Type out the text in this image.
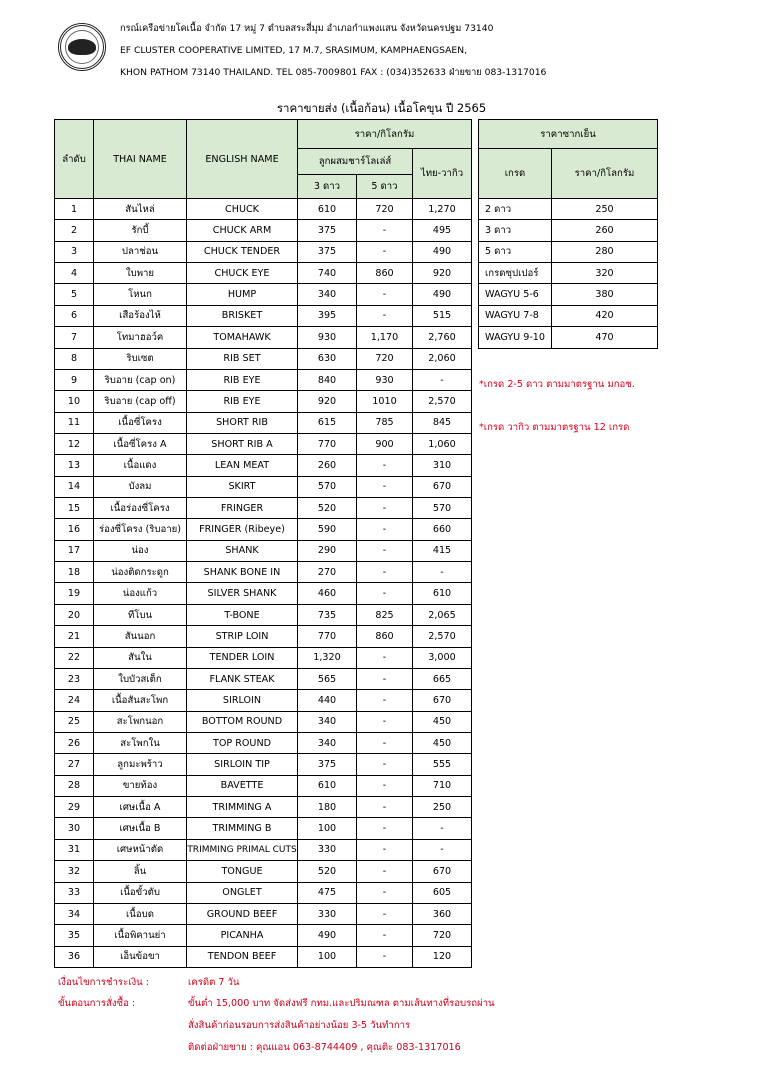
กรณ์เครือข่ายโคเนื้อ จำกัด 17 หมู่ 7 ตำบลสระสี่มุม อำเภอกำแพงแสน จังหวัดนครปฐม 73140
EF CLUSTER COOPERATIVE LIMITED, 17 M.7, SRASIMUM, KAMPHAENGSAEN,
KHON PATHOM 73140 THAILAND. TEL 085-7009801 FAX : (034)352633 ฝ่ายขาย 083-1317016
ราคาขายส่ง (เนื้อก้อน) เนื้อโคขุน ปี 2565
ลำดับ	THAI NAME	ENGLISH NAME	ราคา/กิโลกรัม		
			ลูกผสมชาร์โลเล่ส์		ไทย-วากิว
			3 ดาว	5 ดาว	
1	สันไหล่	CHUCK	610	720	1,270
2	รักบี้	CHUCK ARM	375	-	495
3	ปลาช่อน	CHUCK TENDER	375	-	490
4	ใบพาย	CHUCK EYE	740	860	920
5	โหนก	HUMP	340	-	490
6	เสือร้องไห้	BRISKET	395	-	515
7	โทมาฮอว์ค	TOMAHAWK	930	1,170	2,760
8	ริบเซต	RIB SET	630	720	2,060
9	ริบอาย (cap on)	RIB EYE	840	930	-
10	ริบอาย (cap off)	RIB EYE	920	1010	2,570
11	เนื้อซี่โครง	SHORT RIB	615	785	845
12	เนื้อซี่โครง A	SHORT RIB A	770	900	1,060
13	เนื้อแดง	LEAN MEAT	260	-	310
14	บังลม	SKIRT	570	-	670
15	เนื้อร่องซี่โครง	FRINGER	520	-	570
16	ร่องซี่โครง (ริบอาย)	FRINGER (Ribeye)	590	-	660
17	น่อง	SHANK	290	-	415
18	น่องติดกระดูก	SHANK BONE IN	270	-	-
19	น่องแก้ว	SILVER SHANK	460	-	610
20	ทีโบน	T-BONE	735	825	2,065
21	สันนอก	STRIP LOIN	770	860	2,570
22	สันใน	TENDER LOIN	1,320	-	3,000
23	ใบบัวสเต็ก	FLANK STEAK	565	-	665
24	เนื้อสันสะโพก	SIRLOIN	440	-	670
25	สะโพกนอก	BOTTOM ROUND	340	-	450
26	สะโพกใน	TOP ROUND	340	-	450
27	ลูกมะพร้าว	SIRLOIN TIP	375	-	555
28	ขายท้อง	BAVETTE	610	-	710
29	เศษเนื้อ A	TRIMMING A	180	-	250
30	เศษเนื้อ B	TRIMMING B	100	-	-
31	เศษหน้าตัด	TRIMMING PRIMAL CUTS	330	-	-
32	ลิ้น	TONGUE	520	-	670
33	เนื้อขั้วตับ	ONGLET	475	-	605
34	เนื้อบด	GROUND BEEF	330	-	360
35	เนื้อพิคานย่า	PICANHA	490	-	720
36	เอ็นข้อขา	TENDON BEEF	100	-	120
ราคาซากเย็น	
เกรด	ราคา/กิโลกรัม
2 ดาว	250
3 ดาว	260
5 ดาว	280
เกรดซุปเปอร์	320
WAGYU 5-6	380
WAGYU 7-8	420
WAGYU 9-10	470
*เกรด 2-5 ดาว ตามมาตรฐาน มกอช.
*เกรด วากิว ตามมาตรฐาน 12 เกรด
เงื่อนไขการชำระเงิน :	เครดิต 7 วัน
ขั้นตอนการสั่งซื้อ :	ขั้นต่ำ 15,000 บาท จัดส่งฟรี กทม.และปริมณฑล ตามเส้นทางที่รอบรถผ่าน
สั่งสินค้าก่อนรอบการส่งสินค้าอย่างน้อย 3-5 วันทำการ
ติดต่อฝ่ายขาย : คุณแอน 063-8744409 , คุณติะ 083-1317016
